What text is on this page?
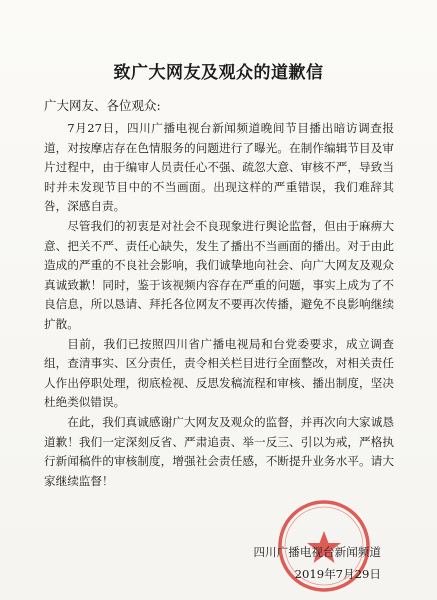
致广大网友及观众的道歉信
广大网友、各位观众:

7月27日，四川广播电视台新闻频道晚间节目播出暗访调查报道，对按摩店存在色情服务的问题进行了曝光。在制作编辑节目及审片过程中，由于编审人员责任心不强、疏忽大意、审核不严，导致当时并未发现节目中的不当画面。出现这样的严重错误，我们难辞其咎，深感自责。

尽管我们的初衷是对社会不良现象进行舆论监督，但由于麻痹大意、把关不严、责任心缺失，发生了播出不当画面的播出。对于由此造成的严重的不良社会影响，我们诚挚地向社会、向广大网友及观众真诚致歉！同时，鉴于该视频内容存在严重的问题，事实上成为了不良信息，所以恳请、拜托各位网友不要再次传播，避免不良影响继续扩散。

目前，我们已按照四川省广播电视局和台党委要求，成立调查组，查清事实、区分责任，责令相关栏目进行全面整改，对相关责任人作出停职处理，彻底检视、反思发稿流程和审核、播出制度，坚决杜绝类似错误。

在此，我们真诚感谢广大网友及观众的监督，并再次向大家诚恳道歉！我们一定深刻反省、严肃追责、举一反三、引以为戒，严格执行新闻稿件的审核制度，增强社会责任感，不断提升业务水平。请大家继续监督！

四川广播电视台新闻频道
2019年7月29日
